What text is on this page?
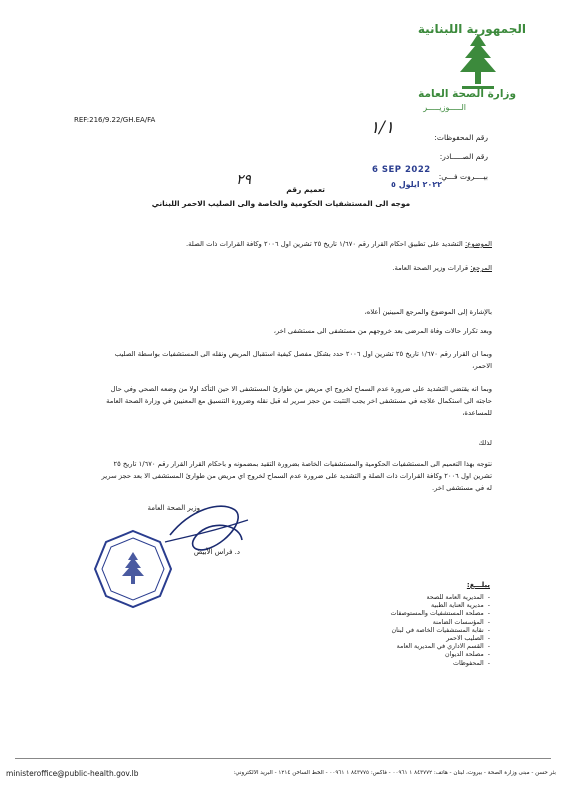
الجمهورية اللبنانية
وزارة الصحة العامة
الـــــوزيـــــر
REF:216/9.22/GH.EA/FA
رقم المحفوظات:
١/١
رقم الصـــــادر:
بيــــروت فـــي:
6 SEP 2022
٢٠٢٢ ايلول ٥
تعميم رقم
٢٩
موجه الى المستشفيات الحكومية والخاصة والى الصليب الاحمر اللبناني
الموضوع: التشديد على تطبيق احكام القرار رقم ١/٦٧٠ تاريخ ٢٥ تشرين اول ٢٠٠٦ وكافة القرارات ذات الصلة.
المرجع: قرارات وزير الصحة العامة.
بالإشارة إلى الموضوع والمرجع المبينين أعلاه،
وبعد تكرار حالات وفاة المرضى بعد خروجهم من مستشفى الى مستشفى اخر،
وبما ان القرار رقم ١/٦٧٠ تاريخ ٢٥ تشرين اول ٢٠٠٦ حدد بشكل مفصل كيفية استقبال المريض ونقله الى المستشفيات بواسطة الصليب الاحمر،
وبما انه يقتضي التشديد على ضرورة عدم السماح لخروج اي مريض من طوارئ المستشفى الا حين التأكد اولا من وضعه الصحي وفي حال حاجته الى استكمال علاجه في مستشفى اخر يجب التثبت من حجز سرير له قبل نقله وضرورة التنسيق مع المعنيين في وزارة الصحة العامة للمساعدة،
لذلك
نتوجه بهذا التعميم الى المستشفيات الحكومية والمستشفيات الخاصة بضرورة التقيد بمضمونه و باحكام القرار القرار رقم ١/٦٧٠ تاريخ ٢٥ تشرين اول ٢٠٠٦ وكافة القرارات ذات الصلة و التشديد على ضرورة عدم السماح لخروج اي مريض من طوارئ المستشفى الا بعد حجز سرير له في مستشفى اخر.
وزير الصحة العامة
د. فراس الأبيض
يبلـــغ:
- المديرية العامة للصحة
- مديرية العناية الطبية
- مصلحة المستشفيات والمستوصفات
- المؤسسات الضامنة
- نقابة المستشفيات الخاصة في لبنان
- الصليب الاحمر
- القسم الاداري في المديرية العامة
- مصلحة الديوان
- المحفوظات
ministeroffice@public-health.gov.lb	بئر حسن - مبنى وزارة الصحة - بيروت، لبنان - هاتف: ٨٤٣٧٧٢ ١ ٠٠٩٦١ - فاكس: ٨٤٣٧٧٥ ١ ٠٠٩٦١ - الخط الساخن ١٢١٤ - البريد الالكتروني:
